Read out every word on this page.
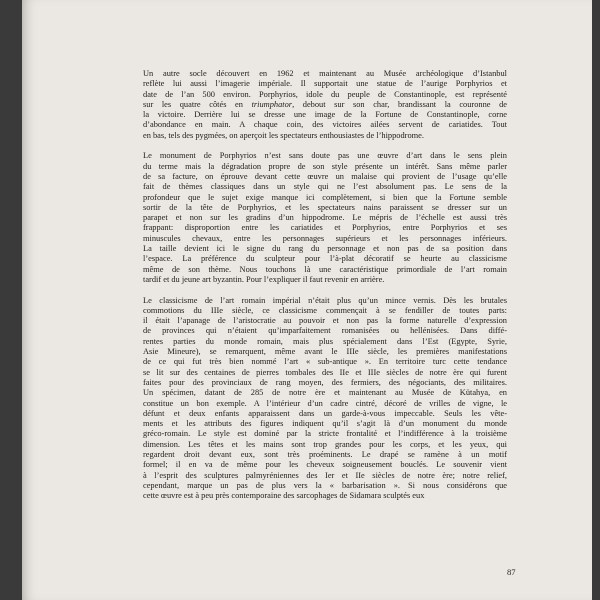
Un autre socle découvert en 1962 et maintenant au Musée archéologique d’Istanbul
reflète lui aussi l’imagerie impériale. Il supportait une statue de l’aurige Porphyrios et
date de l’an 500 environ. Porphyrios, idole du peuple de Constantinople, est représenté
sur les quatre côtés en triumphator, debout sur son char, brandissant la couronne de
la victoire. Derrière lui se dresse une image de la Fortune de Constantinople, corne
d’abondance en main. A chaque coin, des victoires ailées servent de cariatides. Tout
en bas, tels des pygmées, on aperçoit les spectateurs enthousiastes de l’hippodrome.

Le monument de Porphyrios n’est sans doute pas une œuvre d’art dans le sens plein
du terme mais la dégradation propre de son style présente un intérêt. Sans même parler
de sa facture, on éprouve devant cette œuvre un malaise qui provient de l’usage qu’elle
fait de thèmes classiques dans un style qui ne l’est absolument pas. Le sens de la
profondeur que le sujet exige manque ici complètement, si bien que la Fortune semble
sortir de la tête de Porphyrios, et les spectateurs nains paraissent se dresser sur un
parapet et non sur les gradins d’un hippodrome. Le mépris de l’échelle est aussi très
frappant: disproportion entre les cariatides et Porphyrios, entre Porphyrios et ses
minuscules chevaux, entre les personnages supérieurs et les personnages inférieurs.
La taille devient ici le signe du rang du personnage et non pas de sa position dans
l’espace. La préférence du sculpteur pour l’à-plat décoratif se heurte au classicisme
même de son thème. Nous touchons là une caractéristique primordiale de l’art romain
tardif et du jeune art byzantin. Pour l’expliquer il faut revenir en arrière.

Le classicisme de l’art romain impérial n’était plus qu’un mince vernis. Dès les brutales
commotions du IIIe siècle, ce classicisme commençait à se fendiller de toutes parts:
il était l’apanage de l’aristocratie au pouvoir et non pas la forme naturelle d’expression
de provinces qui n’étaient qu’imparfaitement romanisées ou hellénisées. Dans diffé-
rentes parties du monde romain, mais plus spécialement dans l’Est (Egypte, Syrie,
Asie Mineure), se remarquent, même avant le IIIe siècle, les premières manifestations
de ce qui fut très bien nommé l’art « sub-antique ». En territoire turc cette tendance
se lit sur des centaines de pierres tombales des IIe et IIIe siècles de notre ère qui furent
faites pour des provinciaux de rang moyen, des fermiers, des négociants, des militaires.
Un spécimen, datant de 285 de notre ère et maintenant au Musée de Kütahya, en
constitue un bon exemple. A l’intérieur d’un cadre cintré, décoré de vrilles de vigne, le
défunt et deux enfants apparaissent dans un garde-à-vous impeccable. Seuls les vête-
ments et les attributs des figures indiquent qu’il s’agit là d’un monument du monde
gréco-romain. Le style est dominé par la stricte frontalité et l’indifférence à la troisième
dimension. Les têtes et les mains sont trop grandes pour les corps, et les yeux, qui
regardent droit devant eux, sont très proéminents. Le drapé se ramène à un motif
formel; il en va de même pour les cheveux soigneusement bouclés. Le souvenir vient
à l’esprit des sculptures palmyréniennes des Ier et IIe siècles de notre ère; notre relief,
cependant, marque un pas de plus vers la « barbarisation ». Si nous considérons que
cette œuvre est à peu près contemporaine des sarcophages de Sidamara sculptés eux

87
